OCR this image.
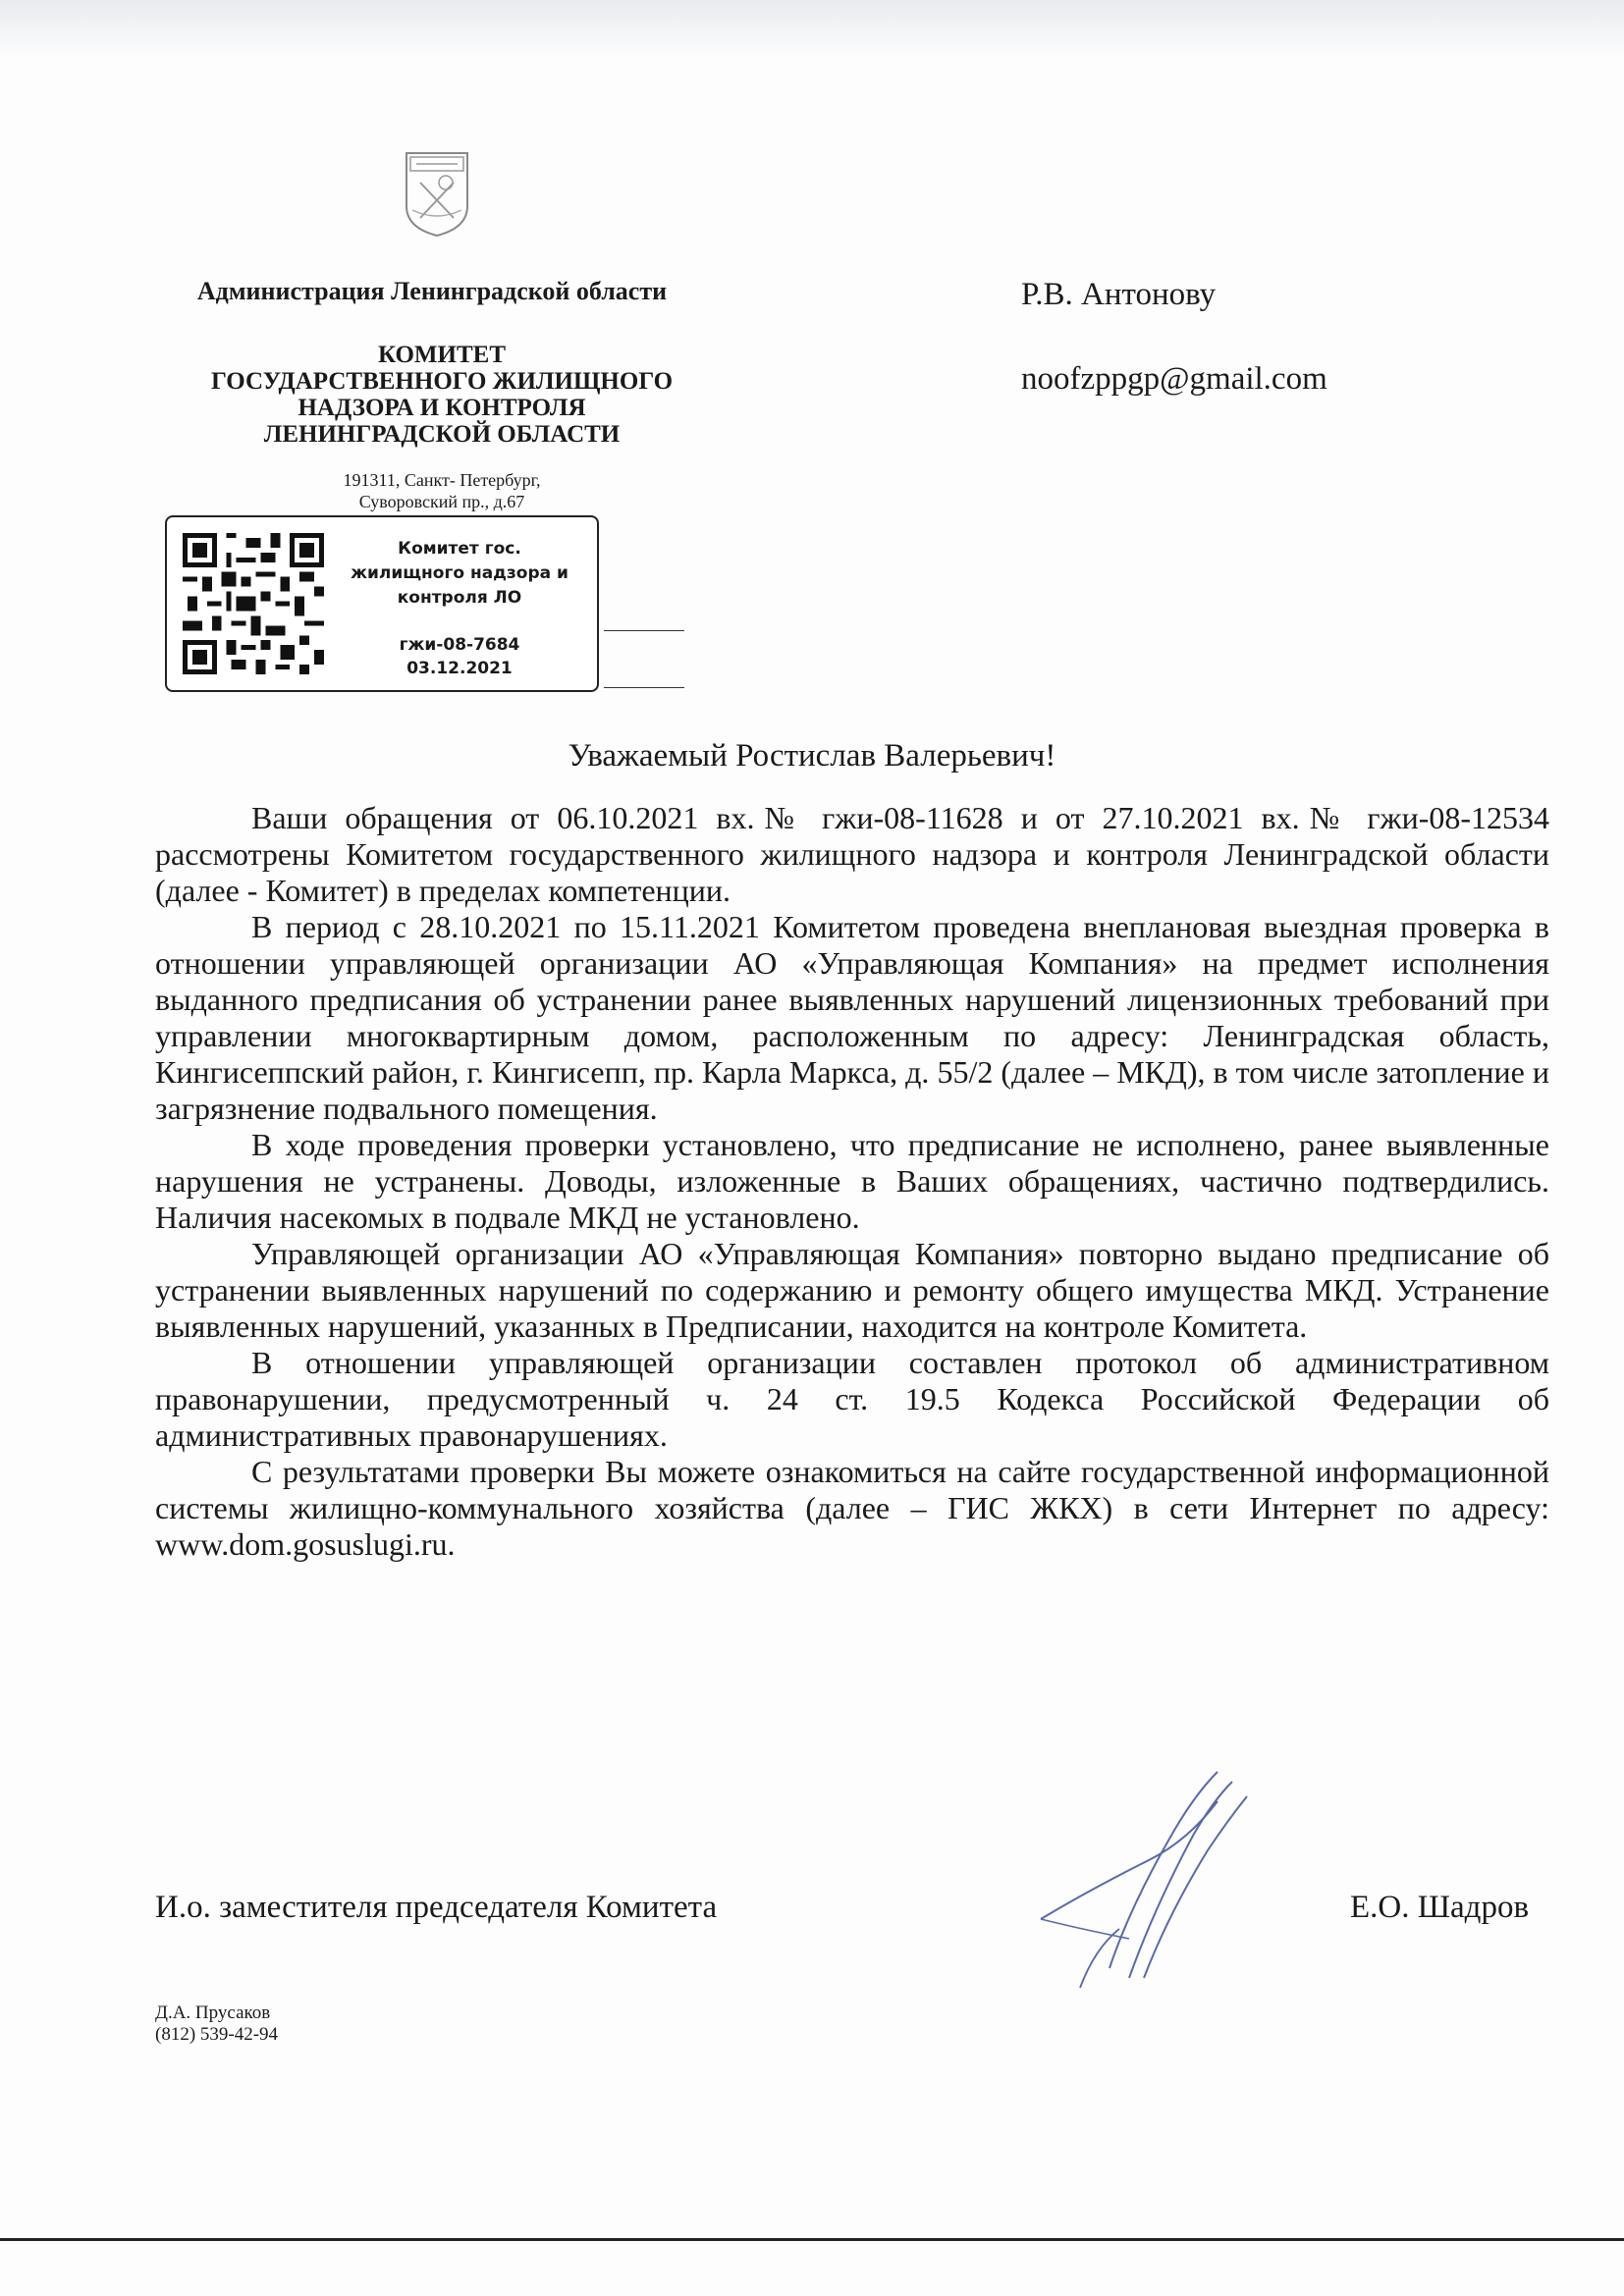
Администрация Ленинградской области
КОМИТЕТ
ГОСУДАРСТВЕННОГО ЖИЛИЩНОГО
НАДЗОРА И КОНТРОЛЯ
ЛЕНИНГРАДСКОЙ ОБЛАСТИ
191311, Санкт- Петербург,
Суворовский пр., д.67
Комитет гос.
жилищного надзора и
контроля ЛО
гжи-08-7684
03.12.2021
Р.В. Антонову
noofzppgp@gmail.com
Уважаемый Ростислав Валерьевич!

Ваши обращения от 06.10.2021 вх.№ гжи-08-11628 и от 27.10.2021 вх.№ гжи-08-12534 рассмотрены Комитетом государственного жилищного надзора и контроля Ленинградской области (далее - Комитет) в пределах компетенции.

В период с 28.10.2021 по 15.11.2021 Комитетом проведена внеплановая выездная проверка в отношении управляющей организации АО «Управляющая Компания» на предмет исполнения выданного предписания об устранении ранее выявленных нарушений лицензионных требований при управлении многоквартирным домом, расположенным по адресу: Ленинградская область, Кингисеппский район, г. Кингисепп, пр. Карла Маркса, д. 55/2 (далее – МКД), в том числе затопление и загрязнение подвального помещения.

В ходе проведения проверки установлено, что предписание не исполнено, ранее выявленные нарушения не устранены. Доводы, изложенные в Ваших обращениях, частично подтвердились. Наличия насекомых в подвале МКД не установлено.

Управляющей организации АО «Управляющая Компания» повторно выдано предписание об устранении выявленных нарушений по содержанию и ремонту общего имущества МКД. Устранение выявленных нарушений, указанных в Предписании, находится на контроле Комитета.

В отношении управляющей организации составлен протокол об административном правонарушении, предусмотренный ч. 24 ст. 19.5 Кодекса Российской Федерации об административных правонарушениях.

С результатами проверки Вы можете ознакомиться на сайте государственной информационной системы жилищно-коммунального хозяйства (далее – ГИС ЖКХ) в сети Интернет по адресу: www.dom.gosuslugi.ru.

И.о. заместителя председателя Комитета	Е.О. Шадров
Д.А. Прусаков
(812) 539-42-94
